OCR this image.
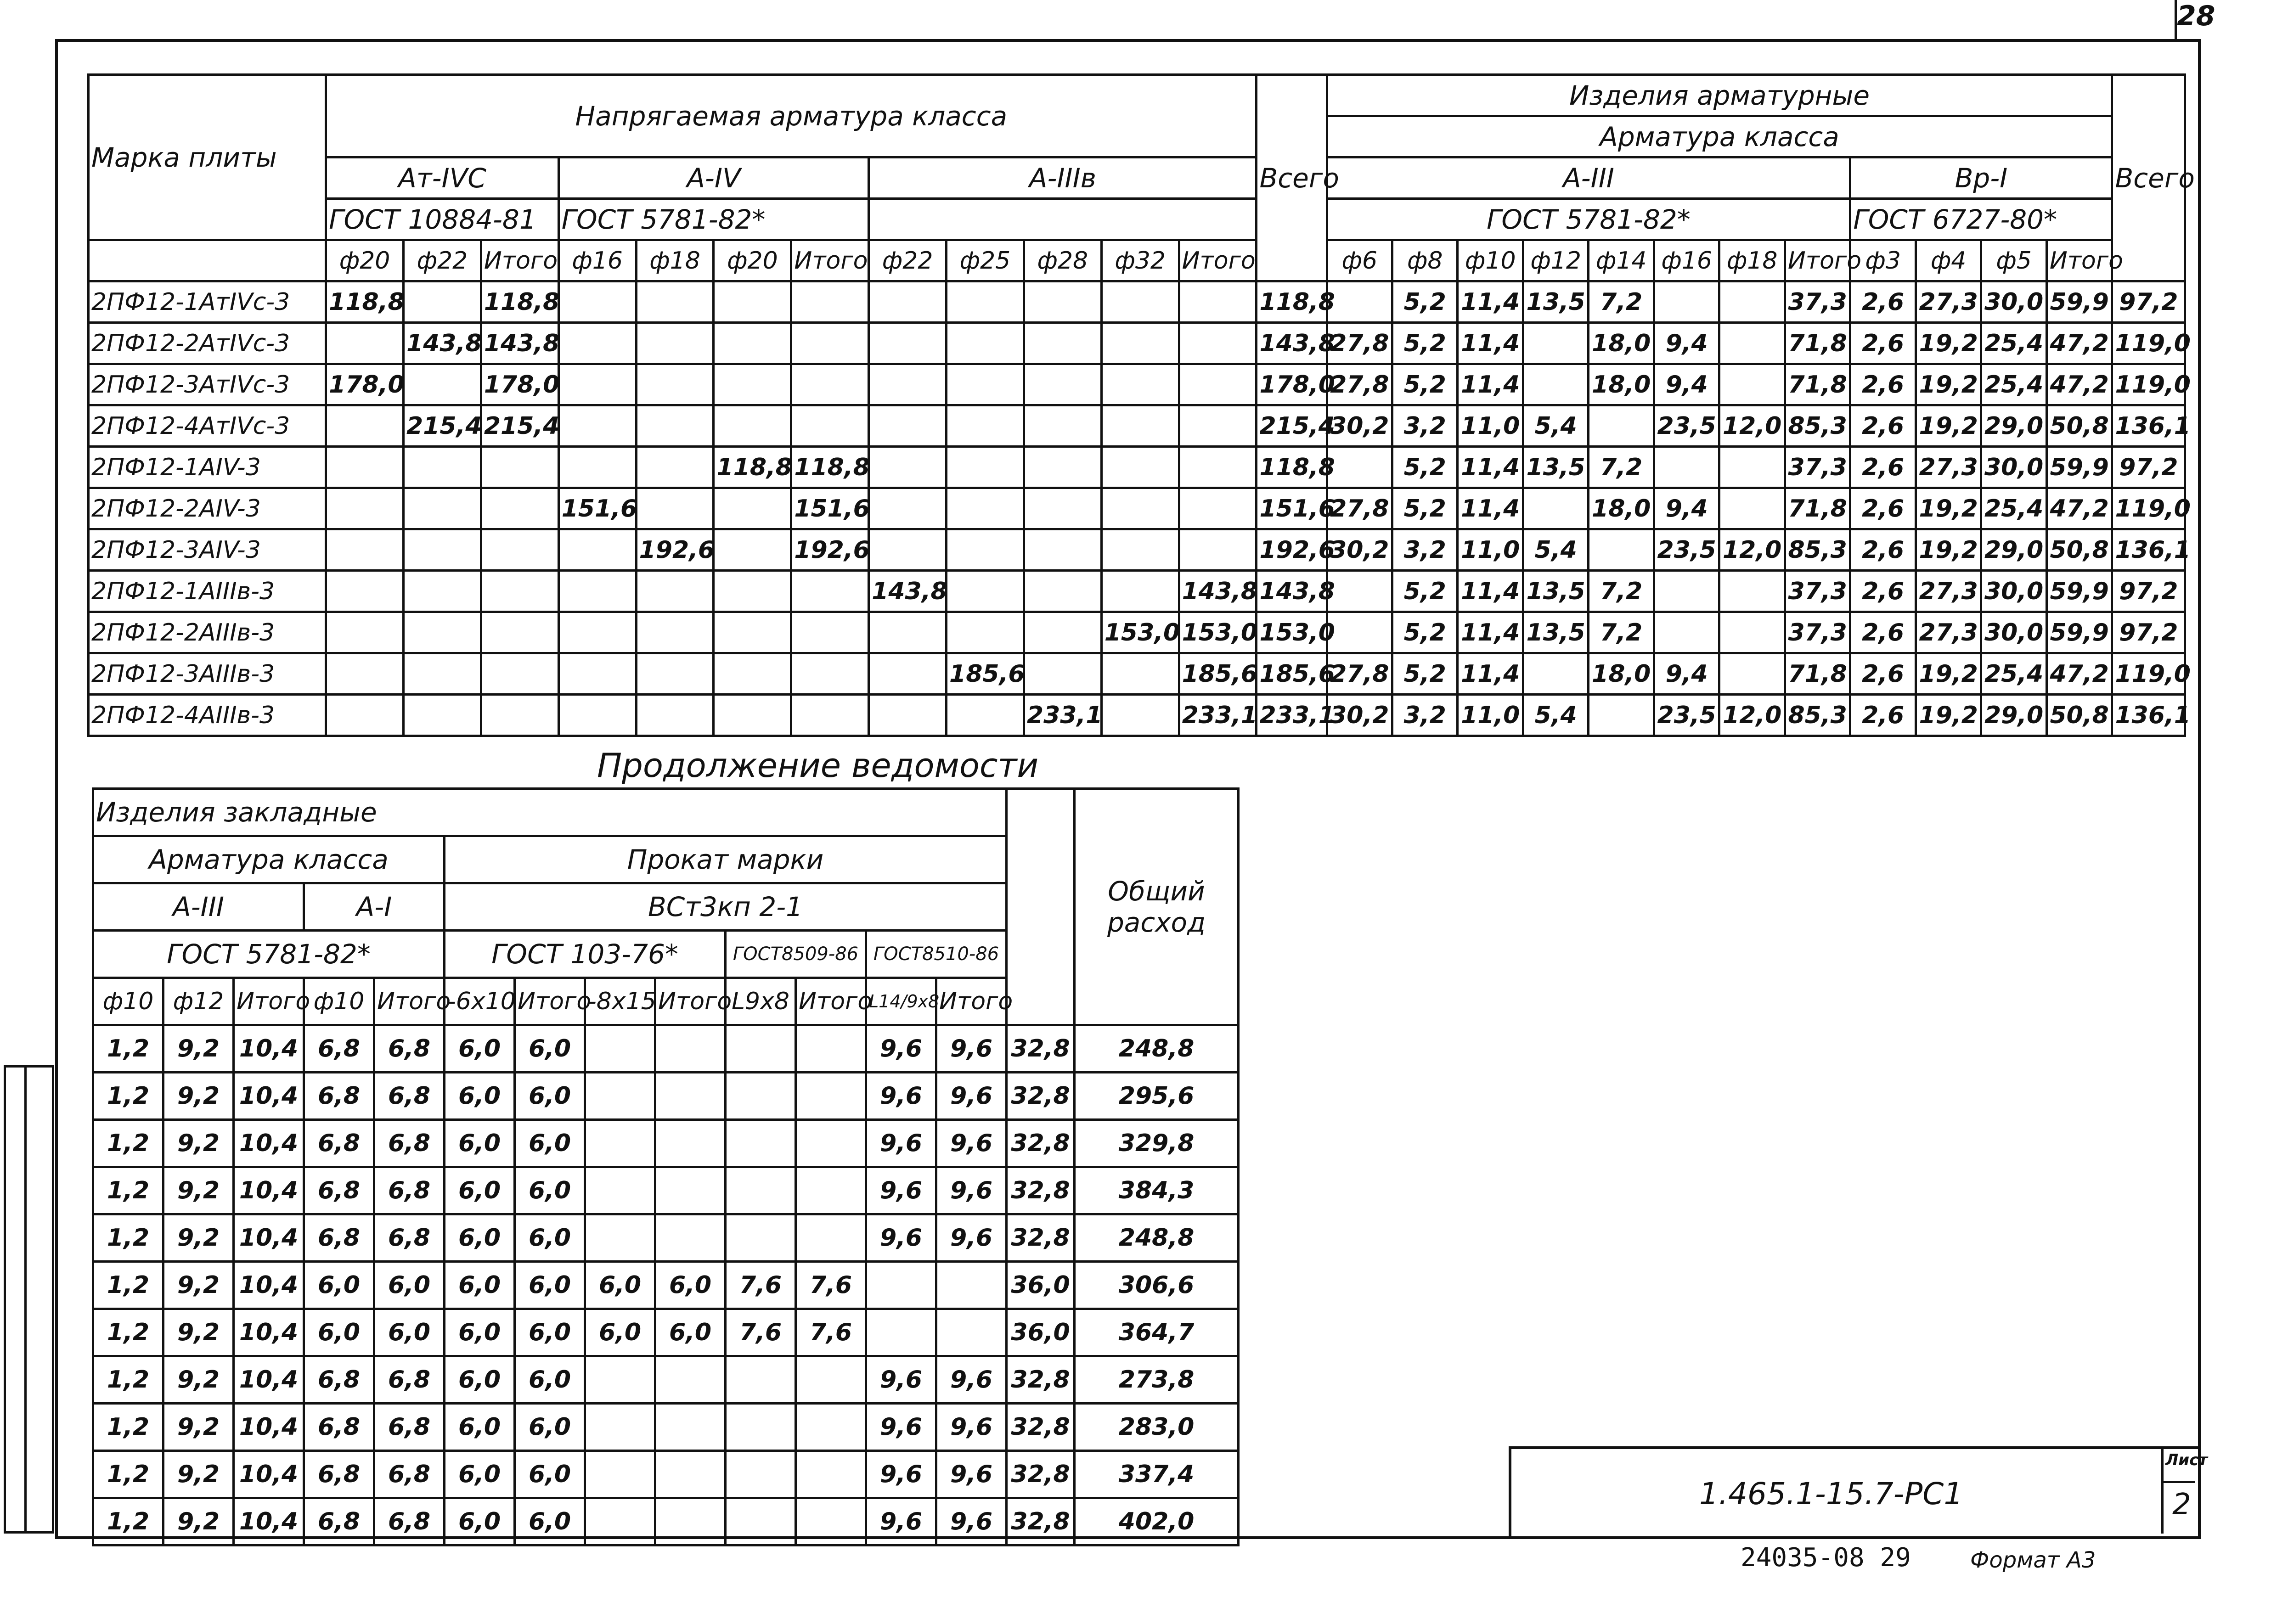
28
Марка плиты	Напрягаемая арматура класса												Всего	Изделия арматурные												Всего
														Арматура класса												
	Ат-IVС			А-IV				А-IIIв						А-III								Вр-I				
	ГОСТ 10884-81			ГОСТ 5781-82*										ГОСТ 5781-82*								ГОСТ 6727-80*				
	ф20	ф22	Итого	ф16	ф18	ф20	Итого	ф22	ф25	ф28	ф32	Итого		ф6	ф8	ф10	ф12	ф14	ф16	ф18	Итого	ф3	ф4	ф5	Итого	
2ПФ12-1АтIVс-3	118,8		118,8										118,8		5,2	11,4	13,5	7,2			37,3	2,6	27,3	30,0	59,9	97,2
2ПФ12-2АтIVс-3		143,8	143,8										143,8	27,8	5,2	11,4		18,0	9,4		71,8	2,6	19,2	25,4	47,2	119,0
2ПФ12-3АтIVс-3	178,0		178,0										178,0	27,8	5,2	11,4		18,0	9,4		71,8	2,6	19,2	25,4	47,2	119,0
2ПФ12-4АтIVс-3		215,4	215,4										215,4	30,2	3,2	11,0	5,4		23,5	12,0	85,3	2,6	19,2	29,0	50,8	136,1
2ПФ12-1АIV-3						118,8	118,8						118,8		5,2	11,4	13,5	7,2			37,3	2,6	27,3	30,0	59,9	97,2
2ПФ12-2АIV-3				151,6			151,6						151,6	27,8	5,2	11,4		18,0	9,4		71,8	2,6	19,2	25,4	47,2	119,0
2ПФ12-3АIV-3					192,6		192,6						192,6	30,2	3,2	11,0	5,4		23,5	12,0	85,3	2,6	19,2	29,0	50,8	136,1
2ПФ12-1АIIIв-3								143,8				143,8	143,8		5,2	11,4	13,5	7,2			37,3	2,6	27,3	30,0	59,9	97,2
2ПФ12-2АIIIв-3											153,0	153,0	153,0		5,2	11,4	13,5	7,2			37,3	2,6	27,3	30,0	59,9	97,2
2ПФ12-3АIIIв-3									185,6			185,6	185,6	27,8	5,2	11,4		18,0	9,4		71,8	2,6	19,2	25,4	47,2	119,0
2ПФ12-4АIIIв-3										233,1		233,1	233,1	30,2	3,2	11,0	5,4		23,5	12,0	85,3	2,6	19,2	29,0	50,8	136,1
Продолжение ведомости
Изделия закладные														Общий расход
Арматура класса					Прокат марки									
А-III			А-I		ВСт3кп 2-1									
ГОСТ 5781-82*					ГОСТ 103-76*				ГОСТ8509-86		ГОСТ8510-86			
ф10	ф12	Итого	ф10	Итого	-6х10	Итого	-8х15	Итого	L9х8	Итого	L14/9х8	Итого		
1,2	9,2	10,4	6,8	6,8	6,0	6,0					9,6	9,6	32,8	248,8
1,2	9,2	10,4	6,8	6,8	6,0	6,0					9,6	9,6	32,8	295,6
1,2	9,2	10,4	6,8	6,8	6,0	6,0					9,6	9,6	32,8	329,8
1,2	9,2	10,4	6,8	6,8	6,0	6,0					9,6	9,6	32,8	384,3
1,2	9,2	10,4	6,8	6,8	6,0	6,0					9,6	9,6	32,8	248,8
1,2	9,2	10,4	6,0	6,0	6,0	6,0	6,0	6,0	7,6	7,6			36,0	306,6
1,2	9,2	10,4	6,0	6,0	6,0	6,0	6,0	6,0	7,6	7,6			36,0	364,7
1,2	9,2	10,4	6,8	6,8	6,0	6,0					9,6	9,6	32,8	273,8
1,2	9,2	10,4	6,8	6,8	6,0	6,0					9,6	9,6	32,8	283,0
1,2	9,2	10,4	6,8	6,8	6,0	6,0					9,6	9,6	32,8	337,4
1,2	9,2	10,4	6,8	6,8	6,0	6,0					9,6	9,6	32,8	402,0
1.465.1-15.7-РС1
Лист
2
24035-08 29	Формат А3
